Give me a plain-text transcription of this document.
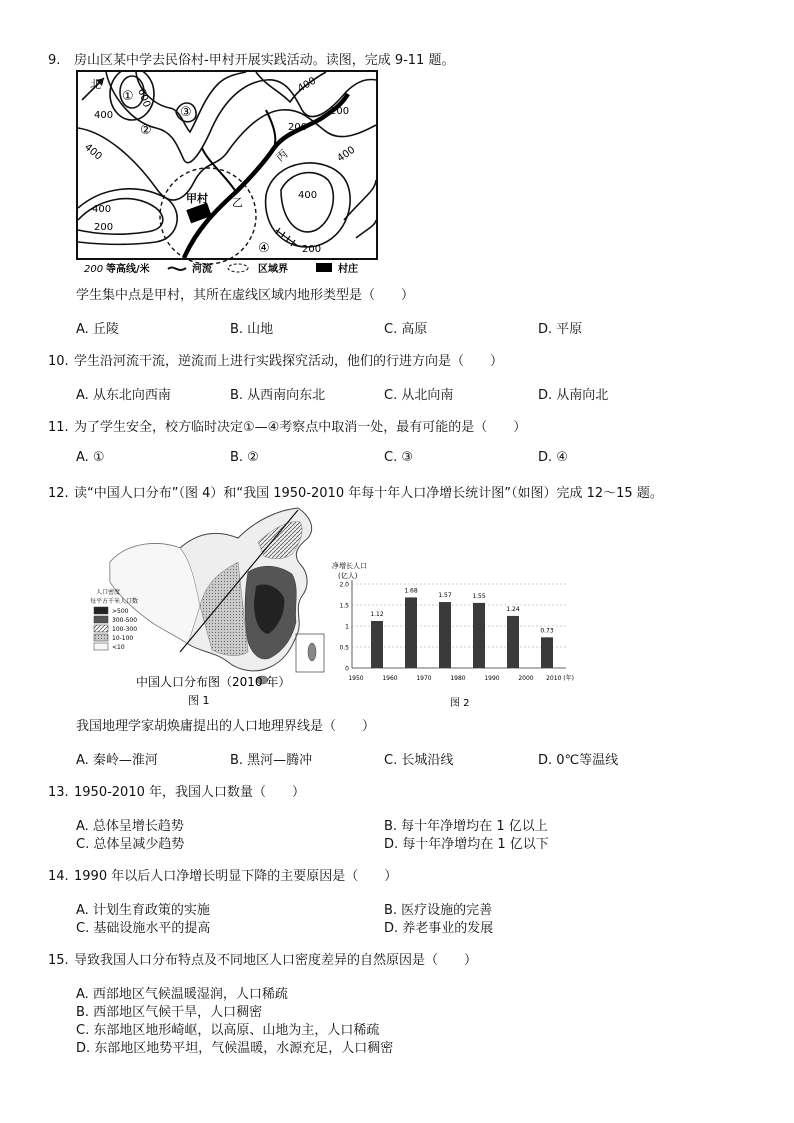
9. 房山区某中学去民俗村-甲村开展实践活动。读图，完成 9-11 题。
北
600
400
400
200
400
400
400
200
200
400
200
①
②
③
④
甲村 乙
丙
200 等高线/米	河流	区域界	村庄
学生集中点是甲村，其所在虚线区域内地形类型是（　　）
A. 丘陵	B. 山地	C. 高原	D. 平原
10. 学生沿河流干流，逆流而上进行实践探究活动，他们的行进方向是（　　）
A. 从东北向西南	B. 从西南向东北	C. 从北向南	D. 从南向北
11. 为了学生安全，校方临时决定①—④考察点中取消一处，最有可能的是（　　）
A. ①	B. ②	C. ③	D. ④
12. 读“中国人口分布”（图 4）和“我国 1950-2010 年每十年人口净增长统计图”（如图）完成 12～15 题。
人口密度
每平方千米人口数
>500
300-500
100-300
10-100
<10
中国人口分布图（2010 年）
图 1
净增长人口
(亿人)
0
0.5
1
1.5
2.0
1950	1960	1970	1980	1990	2000 2010 (年)
1.12
1.68
1.57	1.55
1.24
0.73
图 2
我国地理学家胡焕庸提出的人口地理界线是（　　）
A. 秦岭—淮河	B. 黑河—腾冲	C. 长城沿线	D. 0℃等温线
13. 1950-2010 年，我国人口数量（　　）
A. 总体呈增长趋势	B. 每十年净增均在 1 亿以上
C. 总体呈减少趋势	D. 每十年净增均在 1 亿以下
14. 1990 年以后人口净增长明显下降的主要原因是（　　）
A. 计划生育政策的实施	B. 医疗设施的完善
C. 基础设施水平的提高	D. 养老事业的发展
15. 导致我国人口分布特点及不同地区人口密度差异的自然原因是（　　）
A. 西部地区气候温暖湿润，人口稀疏
B. 西部地区气候干旱，人口稠密
C. 东部地区地形崎岖，以高原、山地为主，人口稀疏
D. 东部地区地势平坦，气候温暖，水源充足，人口稠密
